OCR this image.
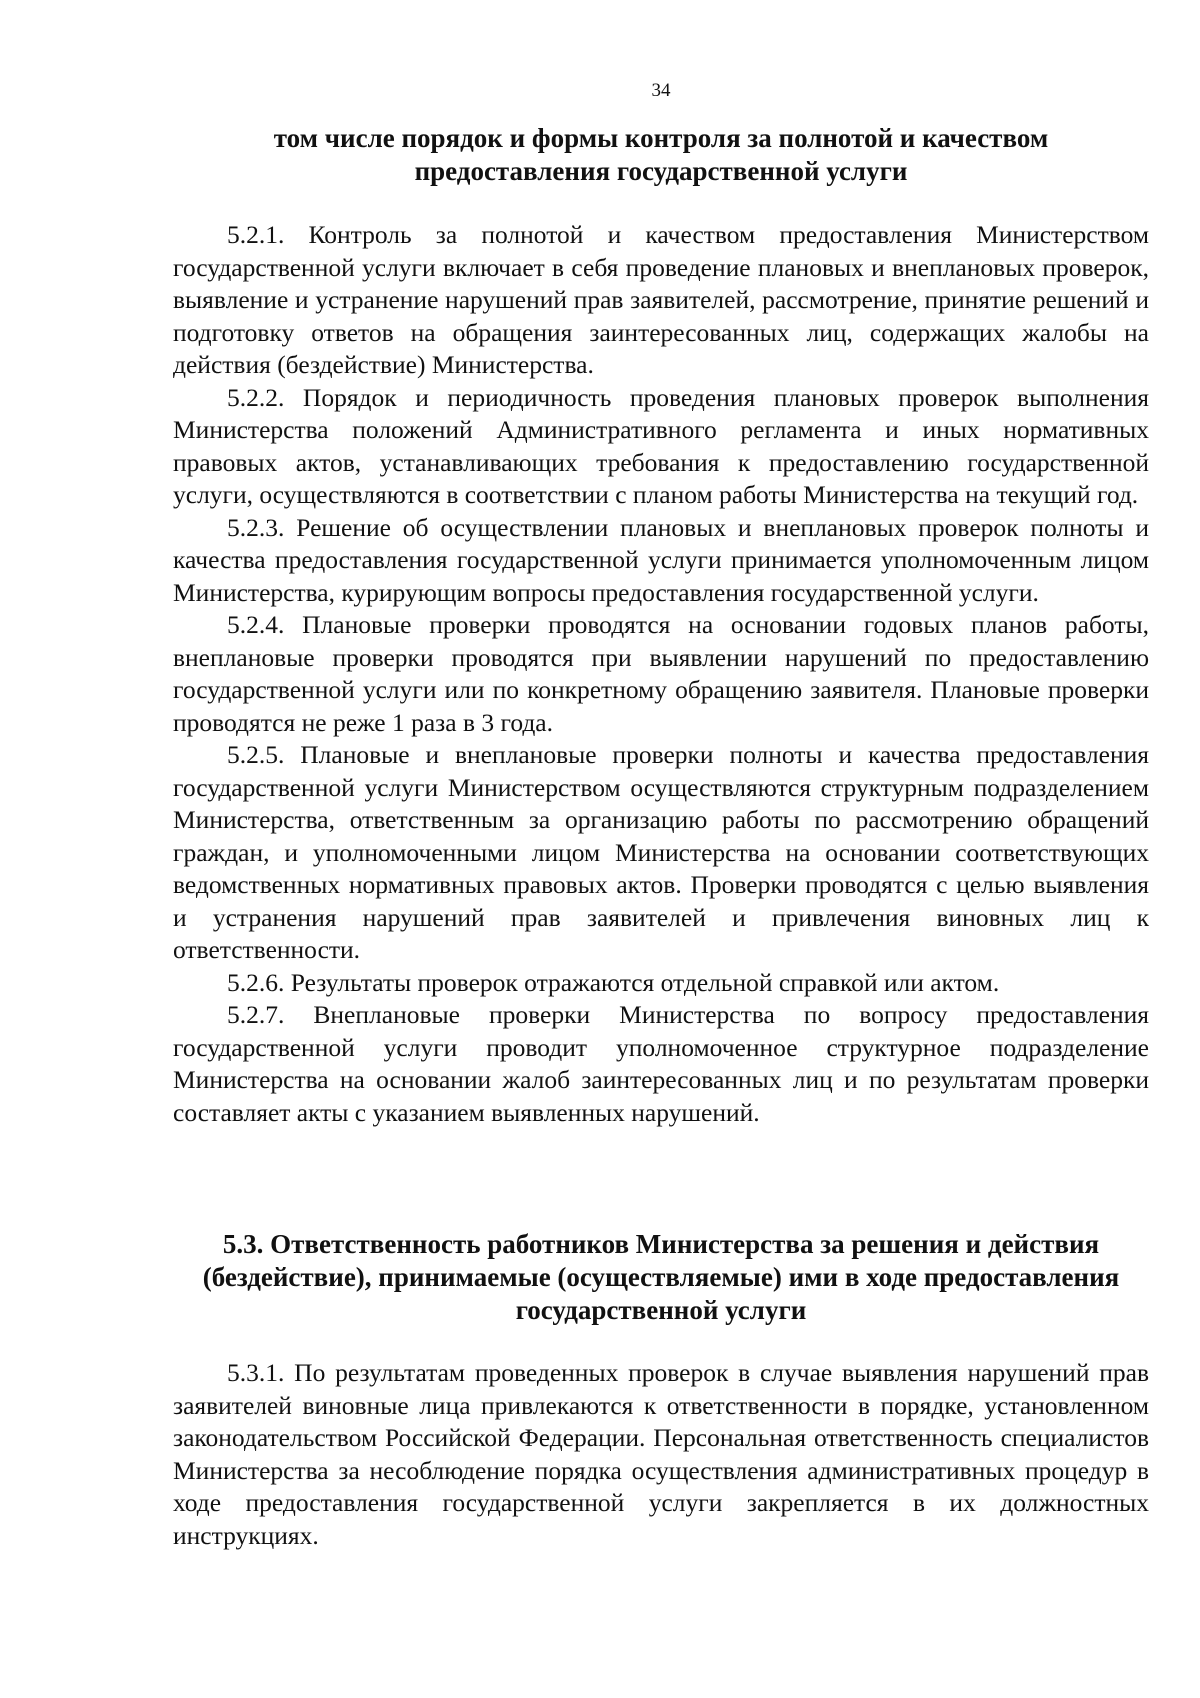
34
том числе порядок и формы контроля за полнотой и качеством предоставления государственной услуги

5.2.1. Контроль за полнотой и качеством предоставления Министерством государственной услуги включает в себя проведение плановых и внеплановых проверок, выявление и устранение нарушений прав заявителей, рассмотрение, принятие решений и подготовку ответов на обращения заинтересованных лиц, содержащих жалобы на действия (бездействие) Министерства.

5.2.2. Порядок и периодичность проведения плановых проверок выполнения Министерства положений Административного регламента и иных нормативных правовых актов, устанавливающих требования к предоставлению государственной услуги, осуществляются в соответствии с планом работы Министерства на текущий год.

5.2.3. Решение об осуществлении плановых и внеплановых проверок полноты и качества предоставления государственной услуги принимается уполномоченным лицом Министерства, курирующим вопросы предоставления государственной услуги.

5.2.4. Плановые проверки проводятся на основании годовых планов работы, внеплановые проверки проводятся при выявлении нарушений по предоставлению государственной услуги или по конкретному обращению заявителя. Плановые проверки проводятся не реже 1 раза в 3 года.

5.2.5. Плановые и внеплановые проверки полноты и качества предоставления государственной услуги Министерством осуществляются структурным подразделением Министерства, ответственным за организацию работы по рассмотрению обращений граждан, и уполномоченными лицом Министерства на основании соответствующих ведомственных нормативных правовых актов. Проверки проводятся с целью выявления и устранения нарушений прав заявителей и привлечения виновных лиц к ответственности.

5.2.6. Результаты проверок отражаются отдельной справкой или актом.

5.2.7. Внеплановые проверки Министерства по вопросу предоставления государственной услуги проводит уполномоченное структурное подразделение Министерства на основании жалоб заинтересованных лиц и по результатам проверки составляет акты с указанием выявленных нарушений.

5.3. Ответственность работников Министерства за решения и действия (бездействие), принимаемые (осуществляемые) ими в ходе предоставления государственной услуги

5.3.1. По результатам проведенных проверок в случае выявления нарушений прав заявителей виновные лица привлекаются к ответственности в порядке, установленном законодательством Российской Федерации. Персональная ответственность специалистов Министерства за несоблюдение порядка осуществления административных процедур в ходе предоставления государственной услуги закрепляется в их должностных инструкциях.
